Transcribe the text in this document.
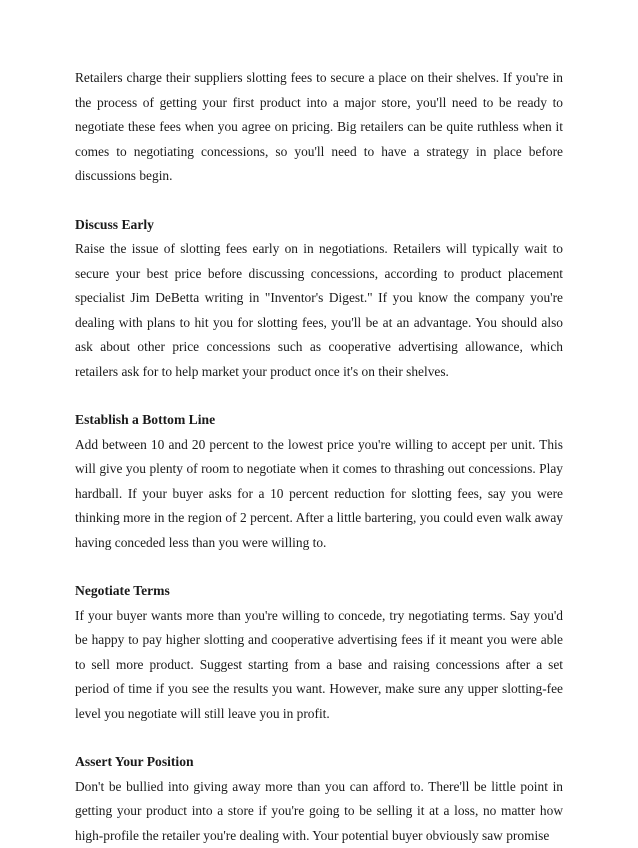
Retailers charge their suppliers slotting fees to secure a place on their shelves. If you're in the process of getting your first product into a major store, you'll need to be ready to negotiate these fees when you agree on pricing. Big retailers can be quite ruthless when it comes to negotiating concessions, so you'll need to have a strategy in place before discussions begin.

Discuss Early

Raise the issue of slotting fees early on in negotiations. Retailers will typically wait to secure your best price before discussing concessions, according to product placement specialist Jim DeBetta writing in "Inventor's Digest." If you know the company you're dealing with plans to hit you for slotting fees, you'll be at an advantage. You should also ask about other price concessions such as cooperative advertising allowance, which retailers ask for to help market your product once it's on their shelves.

Establish a Bottom Line

Add between 10 and 20 percent to the lowest price you're willing to accept per unit. This will give you plenty of room to negotiate when it comes to thrashing out concessions. Play hardball. If your buyer asks for a 10 percent reduction for slotting fees, say you were thinking more in the region of 2 percent. After a little bartering, you could even walk away having conceded less than you were willing to.

Negotiate Terms

If your buyer wants more than you're willing to concede, try negotiating terms. Say you'd be happy to pay higher slotting and cooperative advertising fees if it meant you were able to sell more product. Suggest starting from a base and raising concessions after a set period of time if you see the results you want. However, make sure any upper slotting-fee level you negotiate will still leave you in profit.

Assert Your Position

Don't be bullied into giving away more than you can afford to. There'll be little point in getting your product into a store if you're going to be selling it at a loss, no matter how high-profile the retailer you're dealing with. Your potential buyer obviously saw promise
